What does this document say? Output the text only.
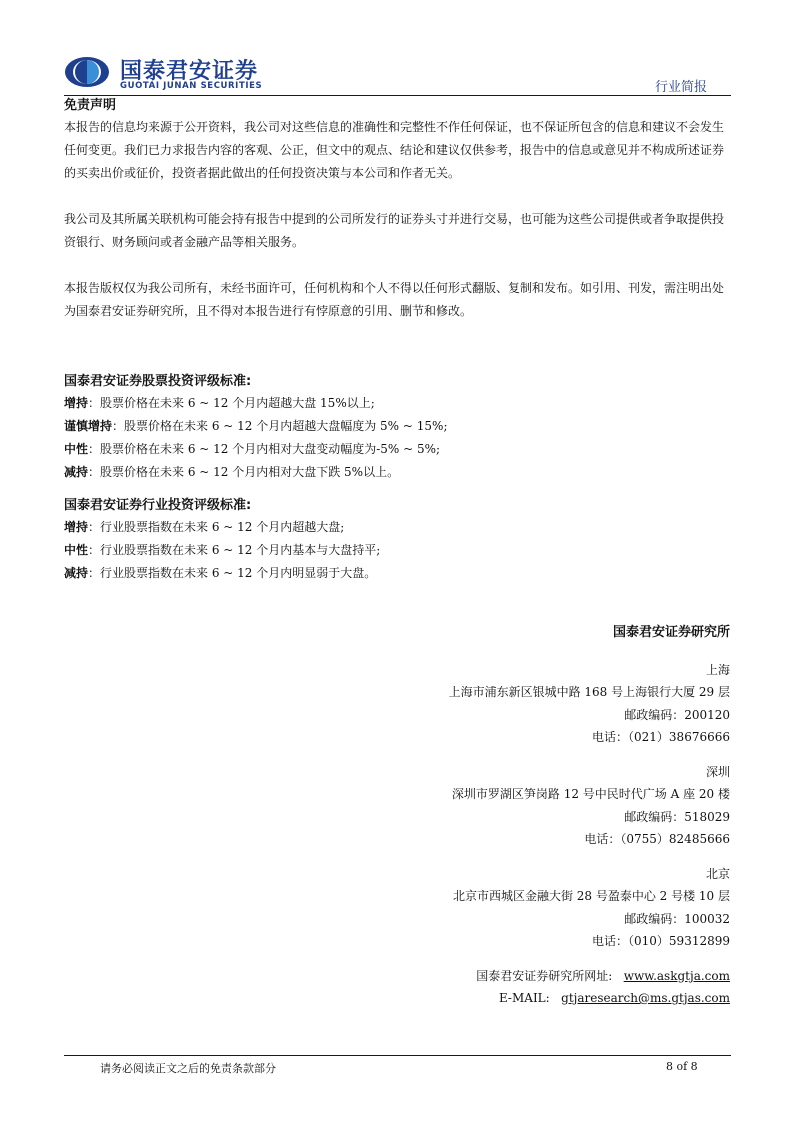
国泰君安证券
GUOTAI JUNAN SECURITIES	行业简报
免责声明

本报告的信息均来源于公开资料，我公司对这些信息的准确性和完整性不作任何保证，也不保证所包含的信息和建议不会发生任何变更。我们已力求报告内容的客观、公正，但文中的观点、结论和建议仅供参考，报告中的信息或意见并不构成所述证券的买卖出价或征价，投资者据此做出的任何投资决策与本公司和作者无关。

我公司及其所属关联机构可能会持有报告中提到的公司所发行的证券头寸并进行交易，也可能为这些公司提供或者争取提供投资银行、财务顾问或者金融产品等相关服务。

本报告版权仅为我公司所有，未经书面许可，任何机构和个人不得以任何形式翻版、复制和发布。如引用、刊发，需注明出处为国泰君安证券研究所，且不得对本报告进行有悖原意的引用、删节和修改。

国泰君安证券股票投资评级标准:
增持：股票价格在未来 6 ~ 12 个月内超越大盘 15%以上;
谨慎增持：股票价格在未来 6 ~ 12 个月内超越大盘幅度为 5% ~ 15%;
中性：股票价格在未来 6 ~ 12 个月内相对大盘变动幅度为-5% ~ 5%;
减持：股票价格在未来 6 ~ 12 个月内相对大盘下跌 5%以上。
国泰君安证券行业投资评级标准:
增持：行业股票指数在未来 6 ~ 12 个月内超越大盘;
中性：行业股票指数在未来 6 ~ 12 个月内基本与大盘持平;
减持：行业股票指数在未来 6 ~ 12 个月内明显弱于大盘。
国泰君安证券研究所
上海
上海市浦东新区银城中路 168 号上海银行大厦 29 层
邮政编码：200120
电话：（021）38676666
深圳
深圳市罗湖区笋岗路 12 号中民时代广场 A 座 20 楼
邮政编码：518029
电话：（0755）82485666
北京
北京市西城区金融大街 28 号盈泰中心 2 号楼 10 层
邮政编码：100032
电话：（010）59312899
国泰君安证券研究所网址: www.askgtja.com
E-MAIL: gtjaresearch@ms.gtjas.com
请务必阅读正文之后的免责条款部分	8 of 8
